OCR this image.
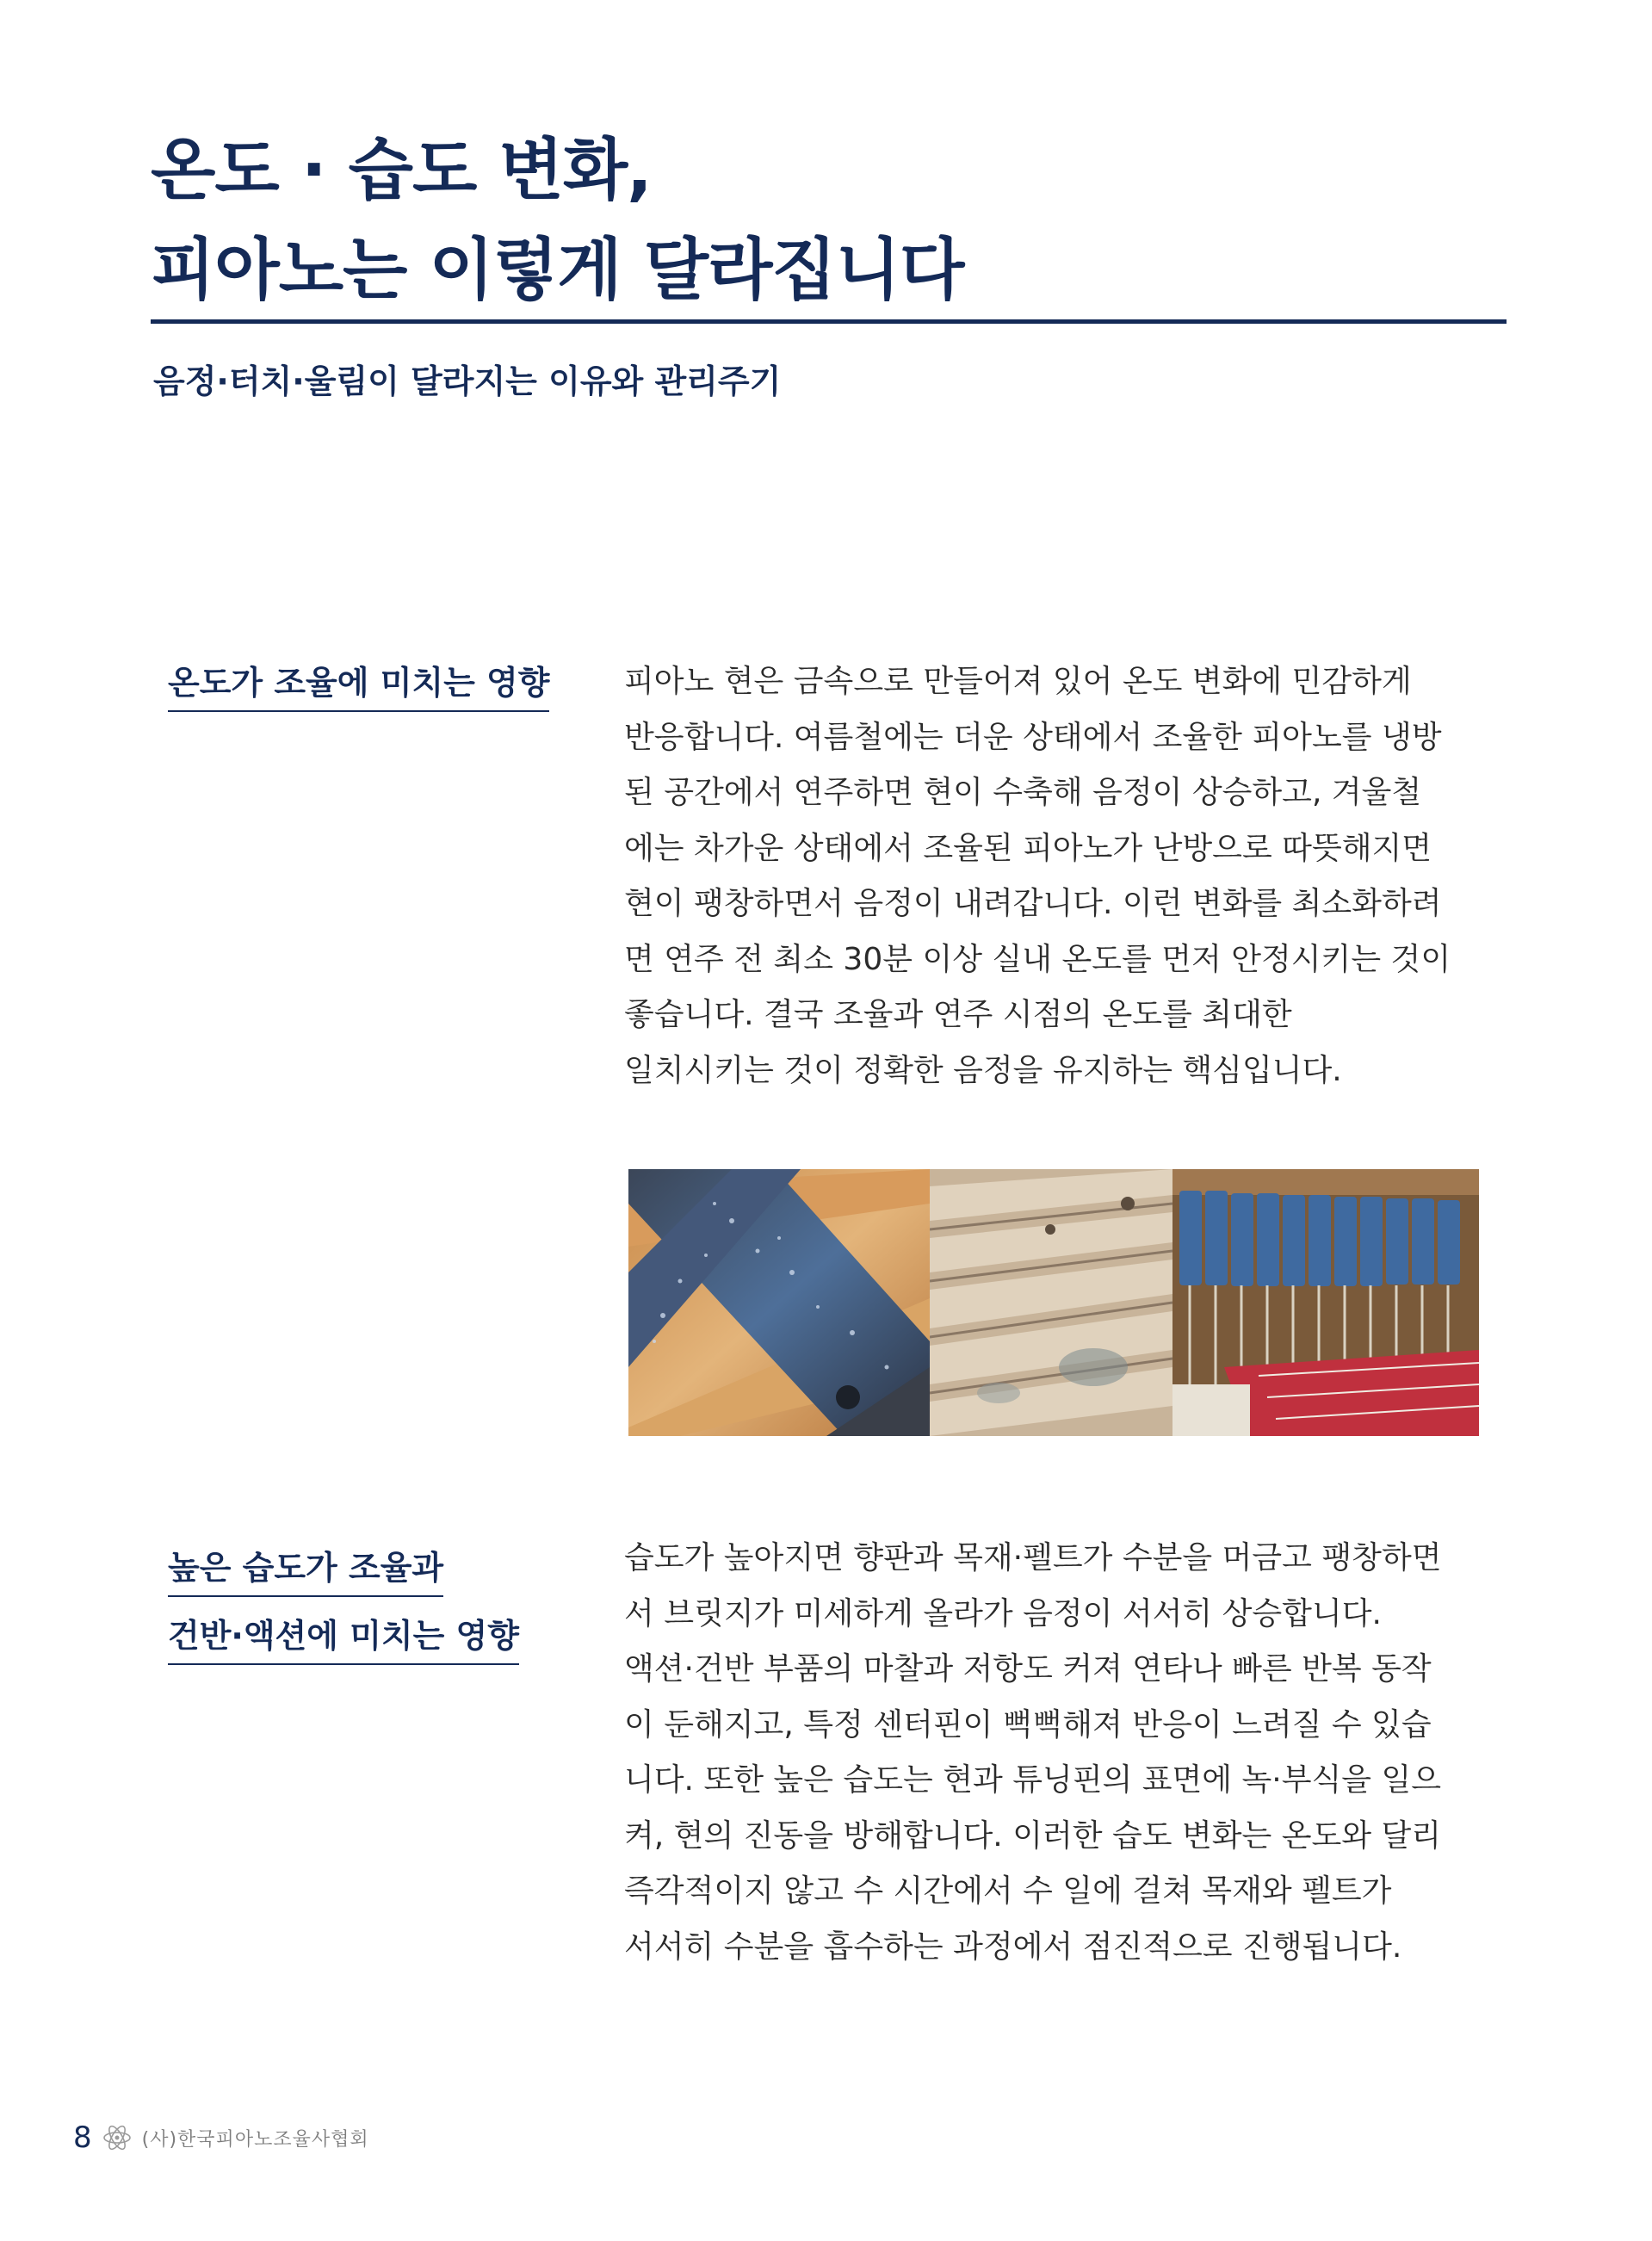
온도 · 습도 변화,
피아노는 이렇게 달라집니다
음정·터치·울림이 달라지는 이유와 관리주기
온도가 조율에 미치는 영향 피아노 현은 금속으로 만들어져 있어 온도 변화에 민감하게
반응합니다. 여름철에는 더운 상태에서 조율한 피아노를 냉방
된 공간에서 연주하면 현이 수축해 음정이 상승하고, 겨울철
에는 차가운 상태에서 조율된 피아노가 난방으로 따뜻해지면
현이 팽창하면서 음정이 내려갑니다. 이런 변화를 최소화하려
면 연주 전 최소 30분 이상 실내 온도를 먼저 안정시키는 것이
좋습니다. 결국 조율과 연주 시점의 온도를 최대한
일치시키는 것이 정확한 음정을 유지하는 핵심입니다.
높은 습도가 조율과
건반·액션에 미치는 영향
습도가 높아지면 향판과 목재·펠트가 수분을 머금고 팽창하면
서 브릿지가 미세하게 올라가 음정이 서서히 상승합니다.
액션·건반 부품의 마찰과 저항도 커져 연타나 빠른 반복 동작
이 둔해지고, 특정 센터핀이 뻑뻑해져 반응이 느려질 수 있습
니다. 또한 높은 습도는 현과 튜닝핀의 표면에 녹·부식을 일으
켜, 현의 진동을 방해합니다. 이러한 습도 변화는 온도와 달리
즉각적이지 않고 수 시간에서 수 일에 걸쳐 목재와 펠트가
서서히 수분을 흡수하는 과정에서 점진적으로 진행됩니다.
8	(사)한국피아노조율사협회
